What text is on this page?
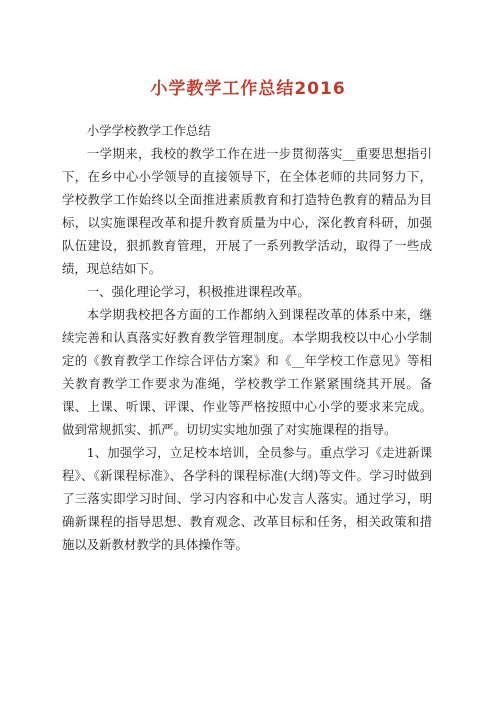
小学教学工作总结2016

小学学校教学工作总结

一学期来，我校的教学工作在进一步贯彻落实__重要思想指引下，在乡中心小学领导的直接领导下，在全体老师的共同努力下，学校教学工作始终以全面推进素质教育和打造特色教育的精品为目标，以实施课程改革和提升教育质量为中心，深化教育科研，加强队伍建设，狠抓教育管理，开展了一系列教学活动，取得了一些成绩，现总结如下。

一、强化理论学习，积极推进课程改革。

本学期我校把各方面的工作都纳入到课程改革的体系中来，继续完善和认真落实好教育教学管理制度。本学期我校以中心小学制定的《教育教学工作综合评估方案》和《__年学校工作意见》等相关教育教学工作要求为准绳，学校教学工作紧紧围绕其开展。备课、上课、听课、评课、作业等严格按照中心小学的要求来完成。做到常规抓实、抓严。切切实实地加强了对实施课程的指导。

1、加强学习，立足校本培训，全员参与。重点学习《走进新课程》、《新课程标准》、各学科的课程标准(大纲)等文件。学习时做到了三落实即学习时间、学习内容和中心发言人落实。通过学习，明确新课程的指导思想、教育观念、改革目标和任务，相关政策和措施以及新教材教学的具体操作等。
